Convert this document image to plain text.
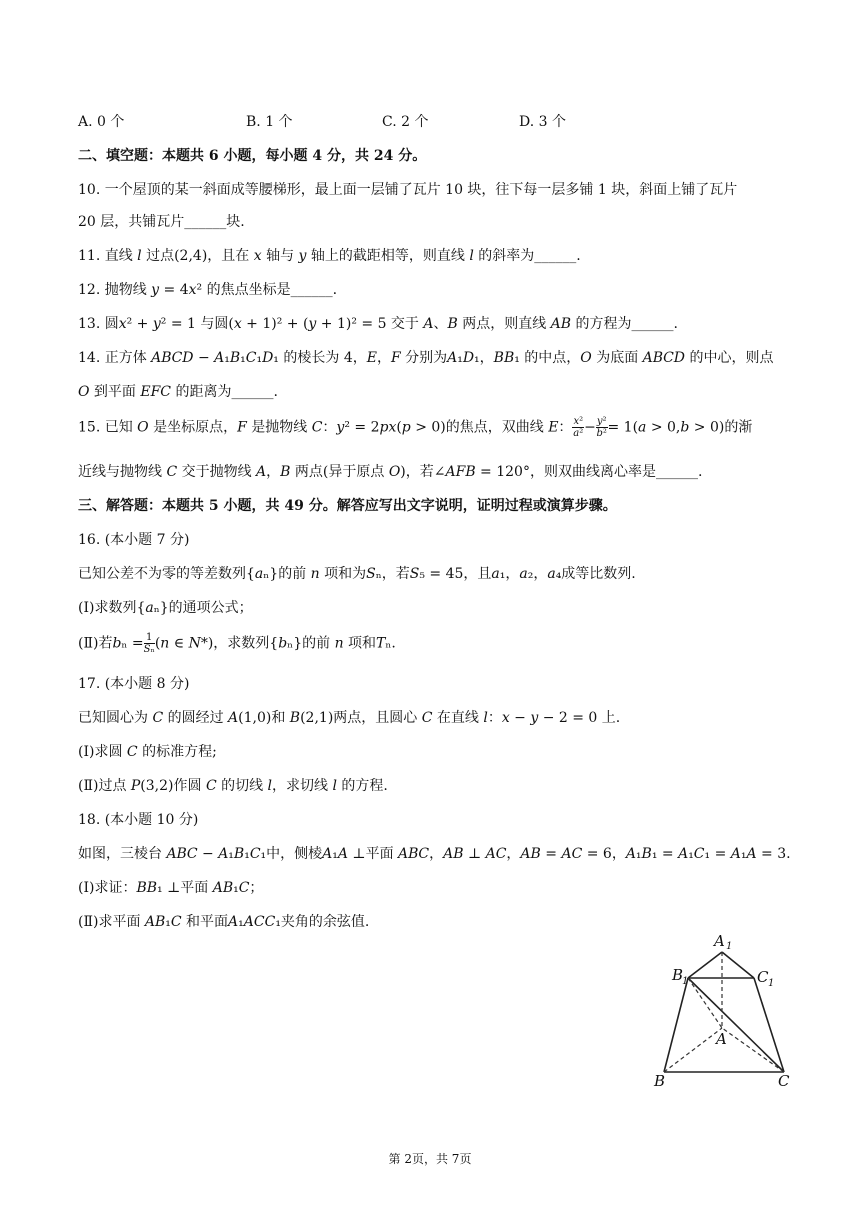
A. 0 个	B. 1 个	C. 2 个	D. 3 个
二、填空题：本题共 6 小题，每小题 4 分，共 24 分。
10. 一个屋顶的某一斜面成等腰梯形，最上面一层铺了瓦片 10 块，往下每一层多铺 1 块，斜面上铺了瓦片
20 层，共铺瓦片______块.
11. 直线 𝑙 过点(2,4)，且在 𝑥 轴与 𝑦 轴上的截距相等，则直线 𝑙 的斜率为______.
12. 抛物线 𝑦 = 4𝑥² 的焦点坐标是______.
13. 圆𝑥² + 𝑦² = 1 与圆(𝑥 + 1)² + (𝑦 + 1)² = 5 交于 𝐴、𝐵 两点，则直线 𝐴𝐵 的方程为______.
14. 正方体 𝐴𝐵𝐶𝐷 − 𝐴₁𝐵₁𝐶₁𝐷₁ 的棱长为 4，𝐸，𝐹 分别为𝐴₁𝐷₁，𝐵𝐵₁ 的中点，𝑂 为底面 𝐴𝐵𝐶𝐷 的中心，则点
𝑂 到平面 𝐸𝐹𝐶 的距离为______.
15. 已知 𝑂 是坐标原点，𝐹 是抛物线 𝐶：𝑦² = 2𝑝𝑥(𝑝 > 0)的焦点，双曲线 𝐸： $\frac{\text{𝑥²}}{\text{𝑎²}} - \frac{\text{𝑦²}}{\text{𝑏²}}$ = 1(𝑎 > 0,𝑏 > 0)的渐
近线与抛物线 𝐶 交于抛物线 𝐴，𝐵 两点(异于原点 𝑂)，若∠𝐴𝐹𝐵 = 120°，则双曲线离心率是______.
三、解答题：本题共 5 小题，共 49 分。解答应写出文字说明，证明过程或演算步骤。
16. (本小题 7 分)
已知公差不为零的等差数列{𝑎ₙ}的前 𝑛 项和为𝑆ₙ，若𝑆₅ = 45，且𝑎₁，𝑎₂，𝑎₄成等比数列.
(Ⅰ)求数列{𝑎ₙ}的通项公式；
(Ⅱ)若𝑏ₙ = $\frac{1}{\text{𝑆ₙ}}$ (𝑛 ∈ 𝑁*)，求数列{𝑏ₙ}的前 𝑛 项和𝑇ₙ.
17. (本小题 8 分)
已知圆心为 𝐶 的圆经过 𝐴(1,0)和 𝐵(2,1)两点，且圆心 𝐶 在直线 𝑙：𝑥 − 𝑦 − 2 = 0 上.
(Ⅰ)求圆 𝐶 的标准方程;
(Ⅱ)过点 𝑃(3,2)作圆 𝐶 的切线 𝑙，求切线 𝑙 的方程.
18. (本小题 10 分)
如图，三棱台 𝐴𝐵𝐶 − 𝐴₁𝐵₁𝐶₁中，侧棱𝐴₁𝐴 ⊥平面 𝐴𝐵𝐶，𝐴𝐵 ⊥ 𝐴𝐶，𝐴𝐵 = 𝐴𝐶 = 6，𝐴₁𝐵₁ = 𝐴₁𝐶₁ = 𝐴₁𝐴 = 3.
(Ⅰ)求证：𝐵𝐵₁ ⊥平面 𝐴𝐵₁𝐶；
(Ⅱ)求平面 𝐴𝐵₁𝐶 和平面𝐴₁𝐴𝐶𝐶₁夹角的余弦值.
A 1
B
1	C 1
A
B	C
第 2页，共 7页
